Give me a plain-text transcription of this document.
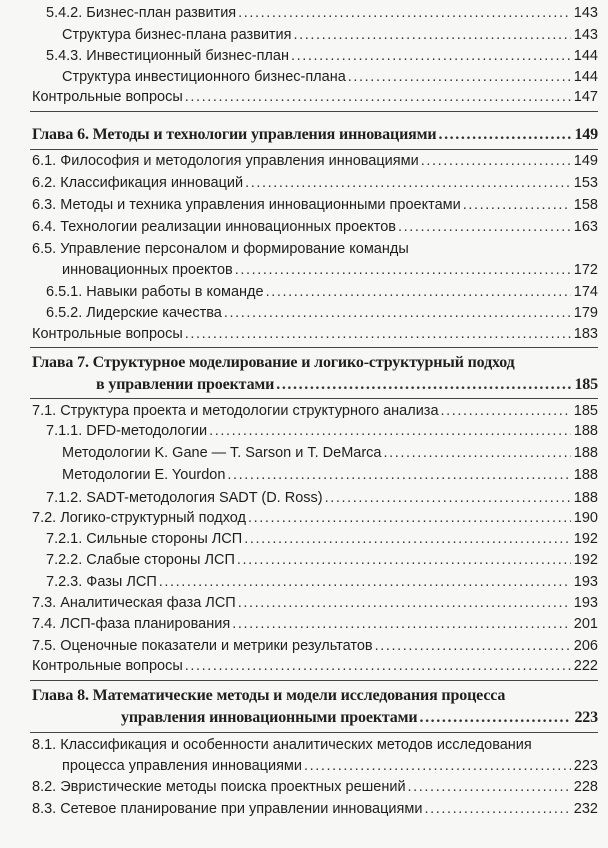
5.4.2. Бизнес-план развития .....	143
Структура бизнес-плана развития .....	143
5.4.3. Инвестиционный бизнес-план .....	144
Структура инвестиционного бизнес-плана .....	144
Контрольные вопросы .....	147
Глава 6. Методы и технологии управления инновациями .....	149
6.1. Философия и методология управления инновациями .....	149
6.2. Классификация инноваций .....	153
6.3. Методы и техника управления инновационными проектами .....	158
6.4. Технологии реализации инновационных проектов .....	163
6.5. Управление персоналом и формирование команды
инновационных проектов .....	172
6.5.1. Навыки работы в команде .....	174
6.5.2. Лидерские качества .....	179
Контрольные вопросы .....	183
Глава 7. Структурное моделирование и логико-структурный подход
в управлении проектами .....	185
7.1. Структура проекта и методологии структурного анализа .....	185
7.1.1. DFD-методологии .....	188
Методологии K. Gane — T. Sarson и T. DeMarca .....	188
Методологии E. Yourdon .....	188
7.1.2. SADT-методология SADT (D. Ross) .....	188
7.2. Логико-структурный подход .....	190
7.2.1. Сильные стороны ЛСП .....	192
7.2.2. Слабые стороны ЛСП .....	192
7.2.3. Фазы ЛСП .....	193
7.3. Аналитическая фаза ЛСП .....	193
7.4. ЛСП-фаза планирования .....	201
7.5. Оценочные показатели и метрики результатов .....	206
Контрольные вопросы .....	222
Глава 8. Математические методы и модели исследования процесса
управления инновационными проектами .....	223
8.1. Классификация и особенности аналитических методов исследования
процесса управления инновациями .....	223
8.2. Эвристические методы поиска проектных решений .....	228
8.3. Сетевое планирование при управлении инновациями .....	232
